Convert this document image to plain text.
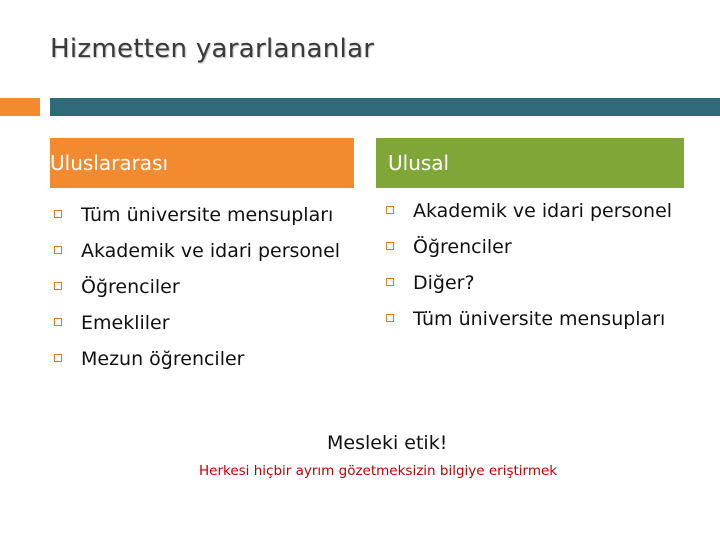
Hizmetten yararlananlar
Uluslararası	Ulusal
Tüm üniversite mensupları
Akademik ve idari personel
Öğrenciler
Emekliler
Mezun öğrenciler
Akademik ve idari personel
Öğrenciler
Diğer?
Tüm üniversite mensupları
Mesleki etik!
Herkesi hiçbir ayrım gözetmeksizin bilgiye eriştirmek
